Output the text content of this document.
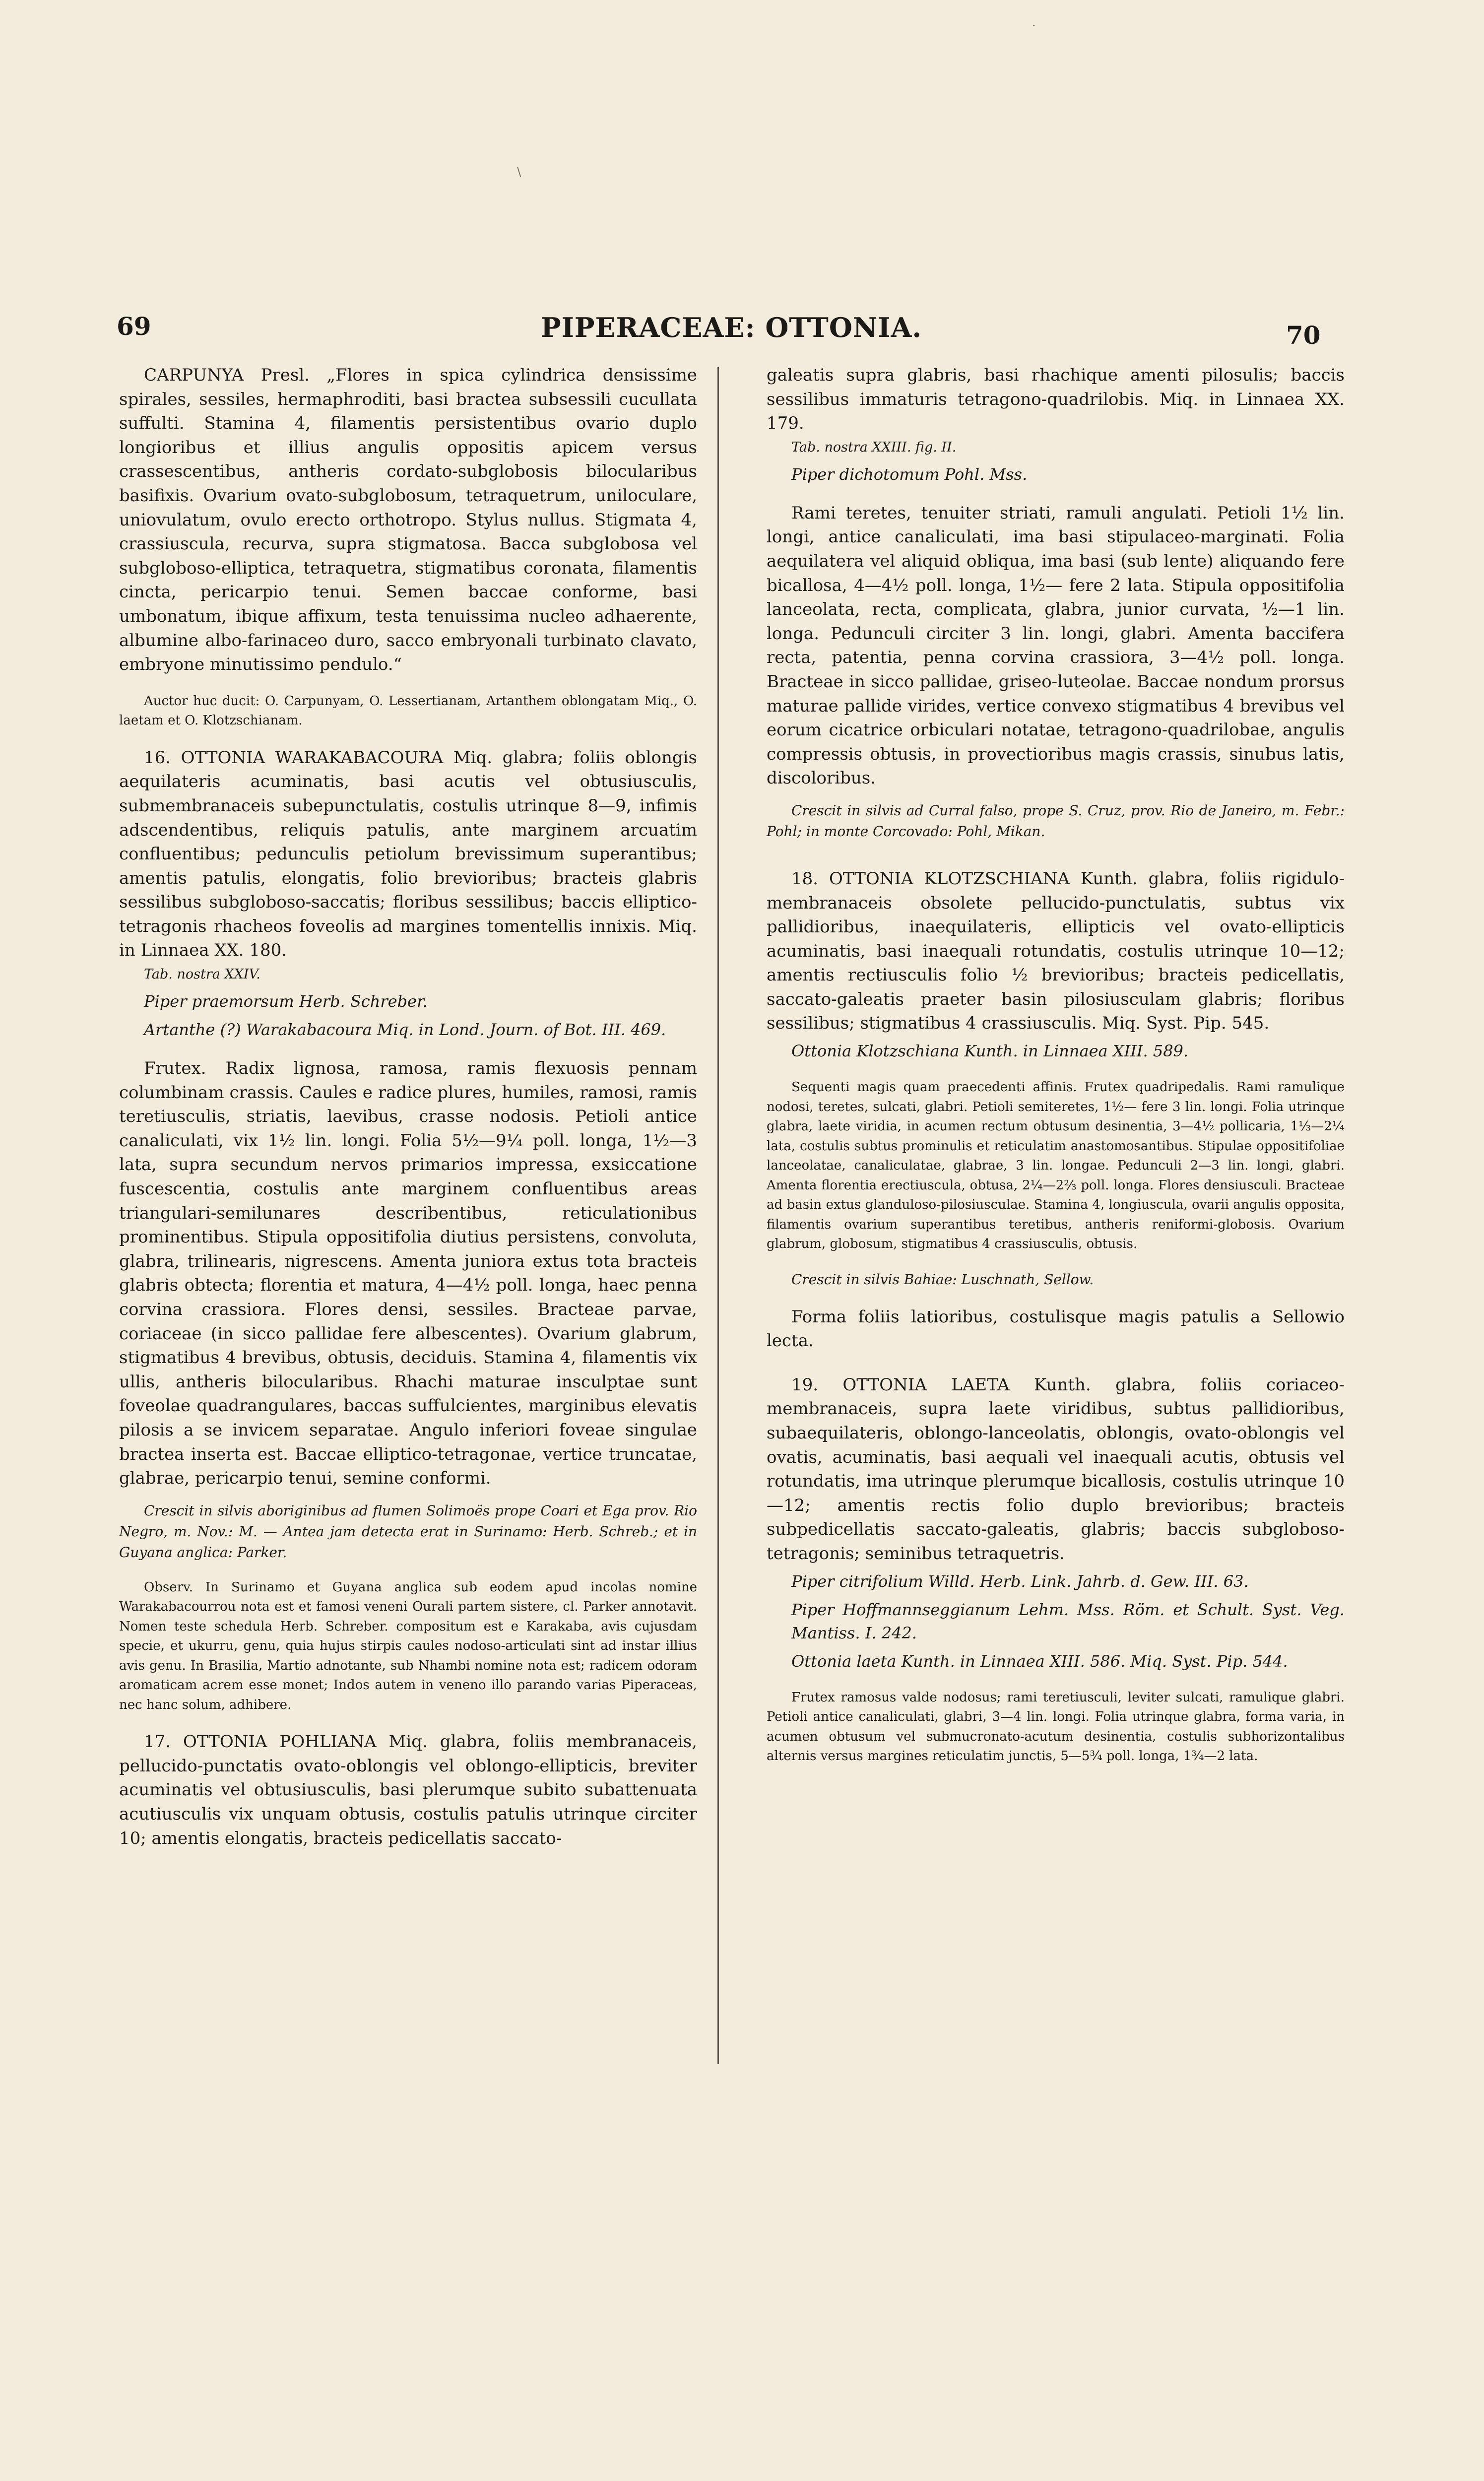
·
\
69	PIPERACEAE: OTTONIA.	70

CARPUNYA Presl. „Flores in spica cylindrica densissime spirales, sessiles, hermaphroditi, basi bractea subsessili cucullata suffulti. Stamina 4, filamentis persistentibus ovario duplo longioribus et illius angulis oppositis apicem versus crassescentibus, antheris cordato-subglobosis bilocularibus basifixis. Ovarium ovato-subglobosum, tetraquetrum, uniloculare, uniovulatum, ovulo erecto orthotropo. Stylus nullus. Stigmata 4, crassiuscula, recurva, supra stigmatosa. Bacca subglobosa vel subgloboso-elliptica, tetraquetra, stigmatibus coronata, filamentis cincta, pericarpio tenui. Semen baccae conforme, basi umbonatum, ibique affixum, testa tenuissima nucleo adhaerente, albumine albo-farinaceo duro, sacco embryonali turbinato clavato, embryone minutissimo pendulo.“

Auctor huc ducit: O. Carpunyam, O. Lessertianam, Artanthem oblongatam Miq., O. laetam et O. Klotzschianam.

16. OTTONIA WARAKABACOURA Miq. glabra; foliis oblongis aequilateris acuminatis, basi acutis vel obtusiusculis, submembranaceis subepunctulatis, costulis utrinque 8—9, infimis adscendentibus, reliquis patulis, ante marginem arcuatim confluentibus; pedunculis petiolum brevissimum superantibus; amentis patulis, elongatis, folio brevioribus; bracteis glabris sessilibus subgloboso-saccatis; floribus sessilibus; baccis elliptico-tetragonis rhacheos foveolis ad margines tomentellis innixis. Miq. in Linnaea XX. 180.

Tab. nostra XXIV.

Piper praemorsum Herb. Schreber.

Artanthe (?) Warakabacoura Miq. in Lond. Journ. of Bot. III. 469.

Frutex. Radix lignosa, ramosa, ramis flexuosis pennam columbinam crassis. Caules e radice plures, humiles, ramosi, ramis teretiusculis, striatis, laevibus, crasse nodosis. Petioli antice canaliculati, vix 1½ lin. longi. Folia 5½—9¼ poll. longa, 1½—3 lata, supra secundum nervos primarios impressa, exsiccatione fuscescentia, costulis ante marginem confluentibus areas triangulari-semilunares describentibus, reticulationibus prominentibus. Stipula oppositifolia diutius persistens, convoluta, glabra, trilinearis, nigrescens. Amenta juniora extus tota bracteis glabris obtecta; florentia et matura, 4—4½ poll. longa, haec penna corvina crassiora. Flores densi, sessiles. Bracteae parvae, coriaceae (in sicco pallidae fere albescentes). Ovarium glabrum, stigmatibus 4 brevibus, obtusis, deciduis. Stamina 4, filamentis vix ullis, antheris bilocularibus. Rhachi maturae insculptae sunt foveolae quadrangulares, baccas suffulcientes, marginibus elevatis pilosis a se invicem separatae. Angulo inferiori foveae singulae bractea inserta est. Baccae elliptico-tetragonae, vertice truncatae, glabrae, pericarpio tenui, semine conformi.

Crescit in silvis aboriginibus ad flumen Solimoës prope Coari et Ega prov. Rio Negro, m. Nov.: M. — Antea jam detecta erat in Surinamo: Herb. Schreb.; et in Guyana anglica: Parker.

Observ. In Surinamo et Guyana anglica sub eodem apud incolas nomine Warakabacourrou nota est et famosi veneni Ourali partem sistere, cl. Parker annotavit. Nomen teste schedula Herb. Schreber. compositum est e Karakaba, avis cujusdam specie, et ukurru, genu, quia hujus stirpis caules nodoso-articulati sint ad instar illius avis genu. In Brasilia, Martio adnotante, sub Nhambi nomine nota est; radicem odoram aromaticam acrem esse monet; Indos autem in veneno illo parando varias Piperaceas, nec hanc solum, adhibere.

17. OTTONIA POHLIANA Miq. glabra, foliis membranaceis, pellucido-punctatis ovato-oblongis vel oblongo-ellipticis, breviter acuminatis vel obtusiusculis, basi plerumque subito subattenuata acutiusculis vix unquam obtusis, costulis patulis utrinque circiter 10; amentis elongatis, bracteis pedicellatis saccato-

galeatis supra glabris, basi rhachique amenti pilosulis; baccis sessilibus immaturis tetragono-quadrilobis. Miq. in Linnaea XX. 179.

Tab. nostra XXIII. fig. II.

Piper dichotomum Pohl. Mss.

Rami teretes, tenuiter striati, ramuli angulati. Petioli 1½ lin. longi, antice canaliculati, ima basi stipulaceo-marginati. Folia aequilatera vel aliquid obliqua, ima basi (sub lente) aliquando fere bicallosa, 4—4½ poll. longa, 1½— fere 2 lata. Stipula oppositifolia lanceolata, recta, complicata, glabra, junior curvata, ½—1 lin. longa. Pedunculi circiter 3 lin. longi, glabri. Amenta baccifera recta, patentia, penna corvina crassiora, 3—4½ poll. longa. Bracteae in sicco pallidae, griseo-luteolae. Baccae nondum prorsus maturae pallide virides, vertice convexo stigmatibus 4 brevibus vel eorum cicatrice orbiculari notatae, tetragono-quadrilobae, angulis compressis obtusis, in provectioribus magis crassis, sinubus latis, discoloribus.

Crescit in silvis ad Curral falso, prope S. Cruz, prov. Rio de Janeiro, m. Febr.: Pohl; in monte Corcovado: Pohl, Mikan.

18. OTTONIA KLOTZSCHIANA Kunth. glabra, foliis rigidulo-membranaceis obsolete pellucido-punctulatis, subtus vix pallidioribus, inaequilateris, ellipticis vel ovato-ellipticis acuminatis, basi inaequali rotundatis, costulis utrinque 10—12; amentis rectiusculis folio ½ brevioribus; bracteis pedicellatis, saccato-galeatis praeter basin pilosiusculam glabris; floribus sessilibus; stigmatibus 4 crassiusculis. Miq. Syst. Pip. 545.

Ottonia Klotzschiana Kunth. in Linnaea XIII. 589.

Sequenti magis quam praecedenti affinis. Frutex quadripedalis. Rami ramulique nodosi, teretes, sulcati, glabri. Petioli semiteretes, 1½— fere 3 lin. longi. Folia utrinque glabra, laete viridia, in acumen rectum obtusum desinentia, 3—4½ pollicaria, 1⅓—2¼ lata, costulis subtus prominulis et reticulatim anastomosantibus. Stipulae oppositifoliae lanceolatae, canaliculatae, glabrae, 3 lin. longae. Pedunculi 2—3 lin. longi, glabri. Amenta florentia erectiuscula, obtusa, 2¼—2⅔ poll. longa. Flores densiusculi. Bracteae ad basin extus glanduloso-pilosiusculae. Stamina 4, longiuscula, ovarii angulis opposita, filamentis ovarium superantibus teretibus, antheris reniformi-globosis. Ovarium glabrum, globosum, stigmatibus 4 crassiusculis, obtusis.

Crescit in silvis Bahiae: Luschnath, Sellow.

Forma foliis latioribus, costulisque magis patulis a Sellowio lecta.

19. OTTONIA LAETA Kunth. glabra, foliis coriaceo-membranaceis, supra laete viridibus, subtus pallidioribus, subaequilateris, oblongo-lanceolatis, oblongis, ovato-oblongis vel ovatis, acuminatis, basi aequali vel inaequali acutis, obtusis vel rotundatis, ima utrinque plerumque bicallosis, costulis utrinque 10—12; amentis rectis folio duplo brevioribus; bracteis subpedicellatis saccato-galeatis, glabris; baccis subgloboso-tetragonis; seminibus tetraquetris.

Piper citrifolium Willd. Herb. Link. Jahrb. d. Gew. III. 63.

Piper Hoffmannseggianum Lehm. Mss. Röm. et Schult. Syst. Veg. Mantiss. I. 242.

Ottonia laeta Kunth. in Linnaea XIII. 586. Miq. Syst. Pip. 544.

Frutex ramosus valde nodosus; rami teretiusculi, leviter sulcati, ramulique glabri. Petioli antice canaliculati, glabri, 3—4 lin. longi. Folia utrinque glabra, forma varia, in acumen obtusum vel submucronato-acutum desinentia, costulis subhorizontalibus alternis versus margines reticulatim junctis, 5—5¾ poll. longa, 1¾—2 lata.
